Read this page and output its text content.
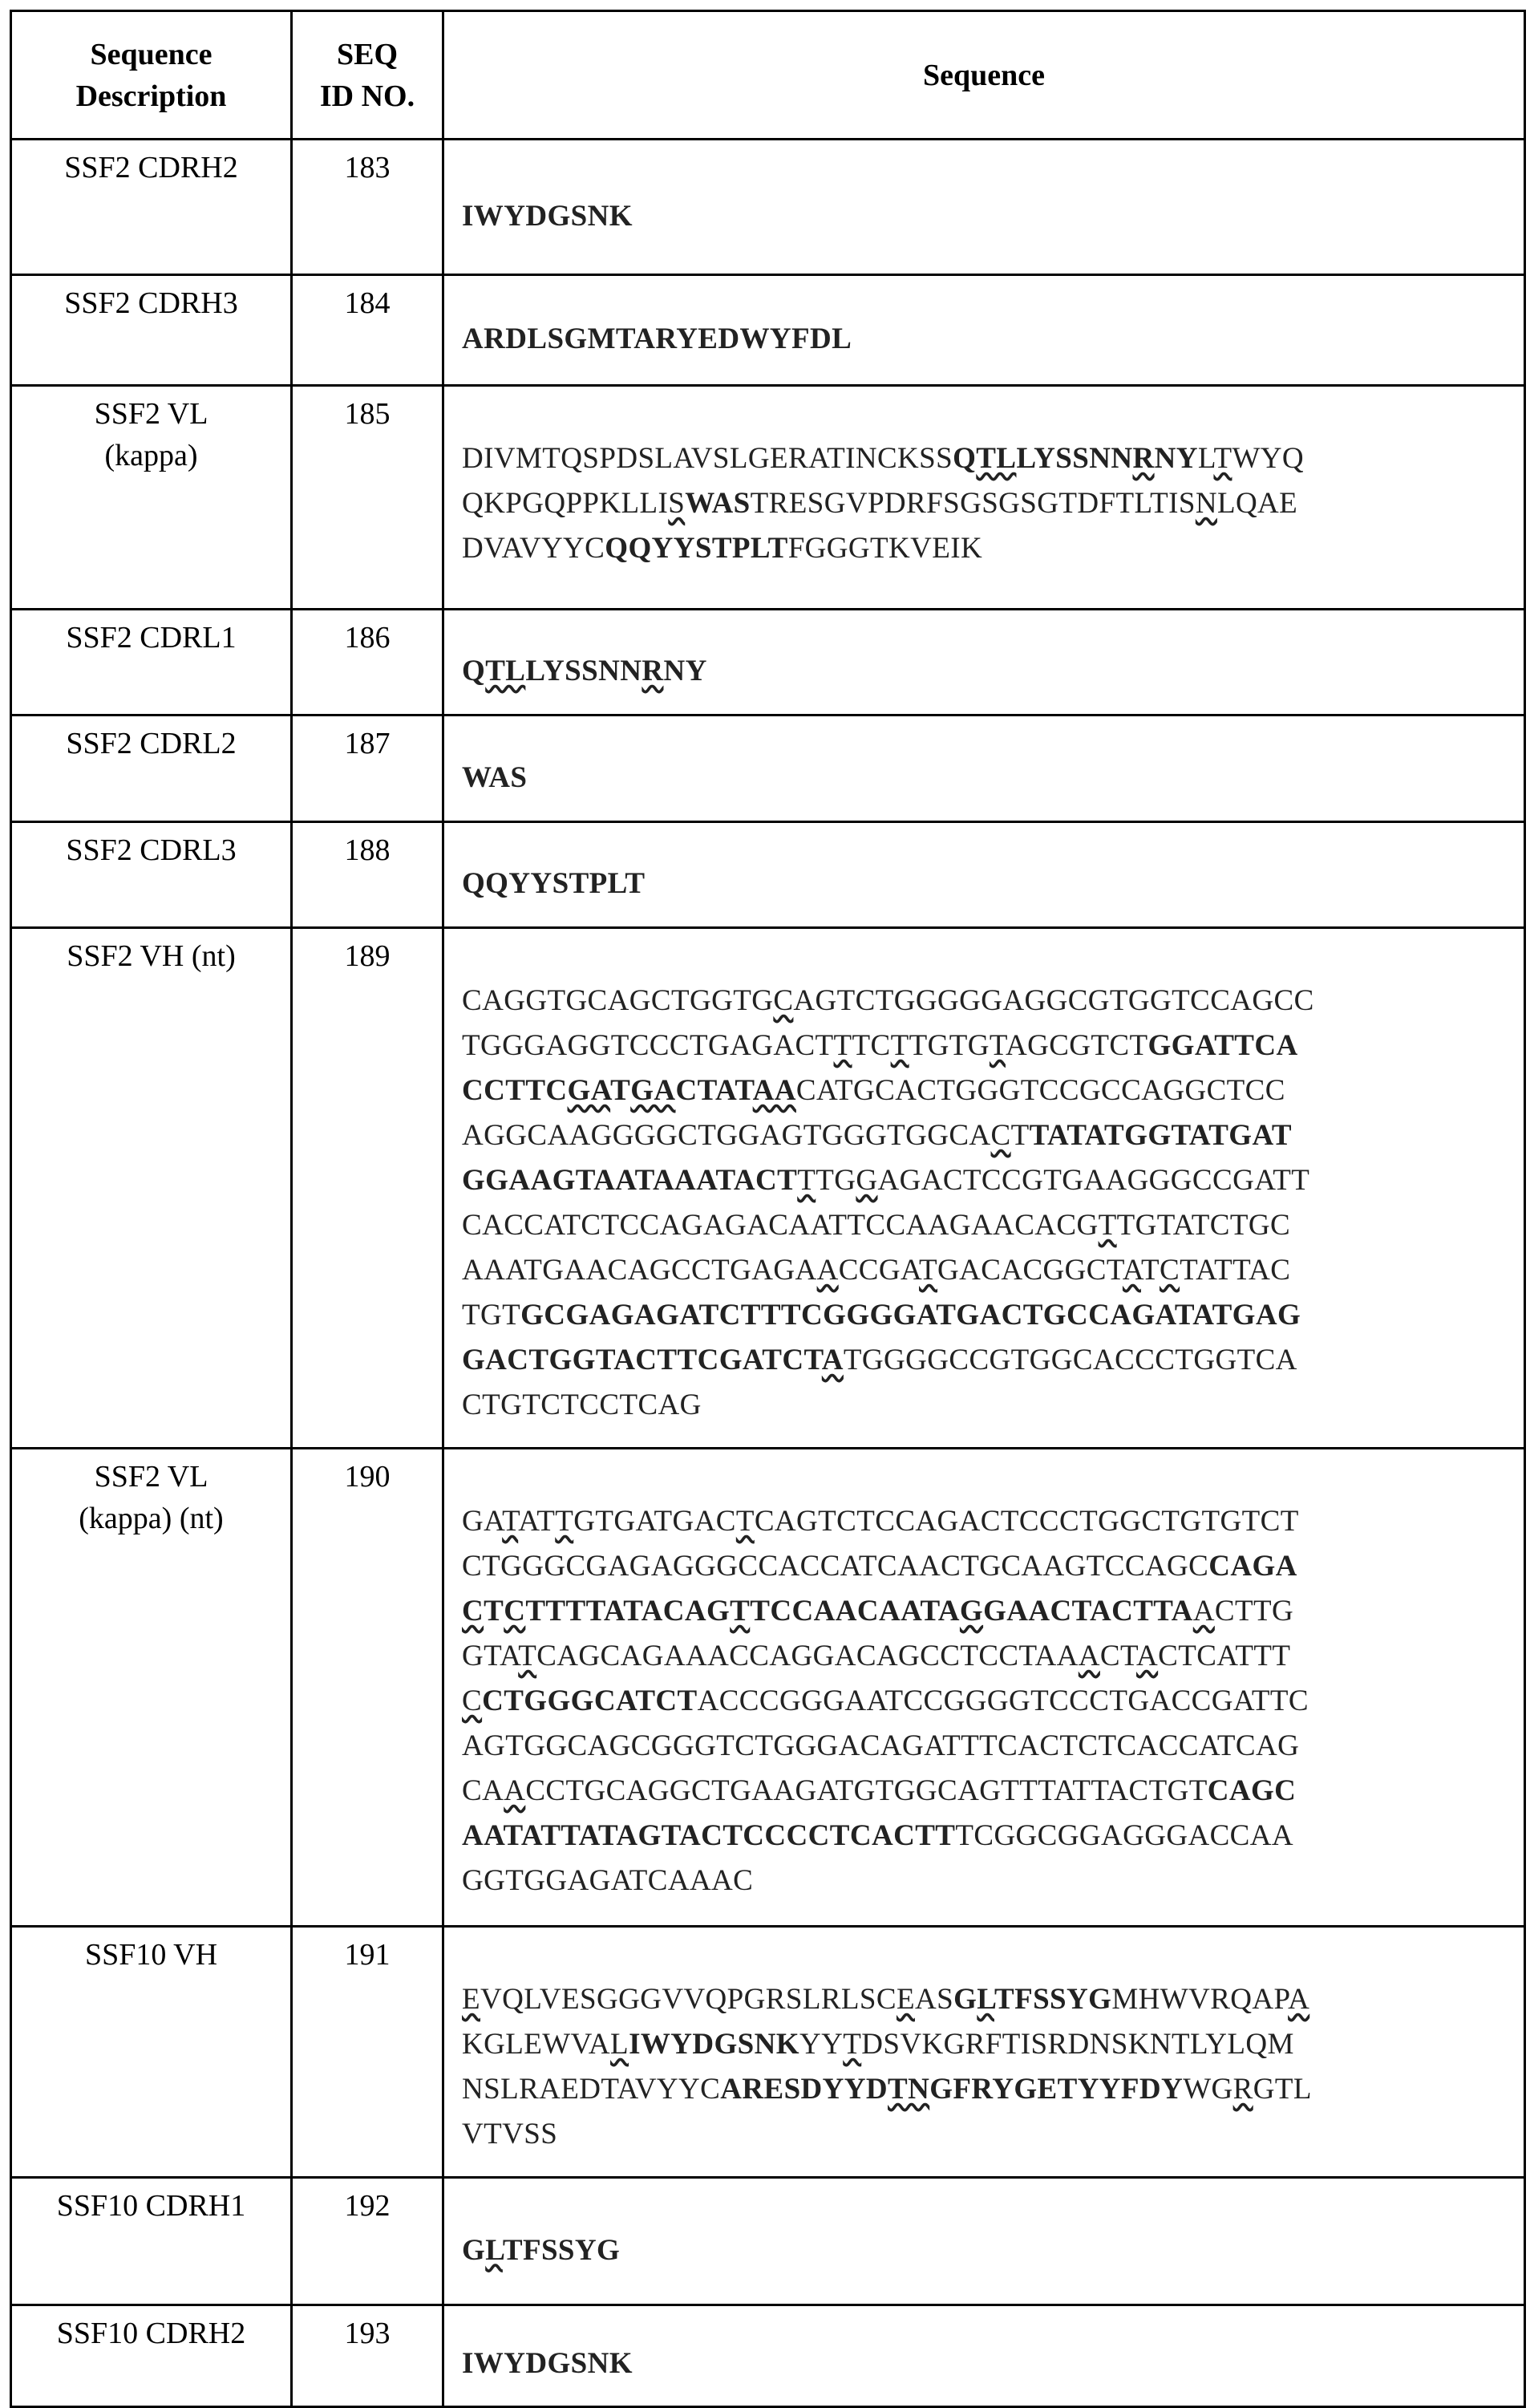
Sequence Description	SEQ ID NO.	Sequence
SSF2 CDRH2	183	IWYDGSNK

SSF2 CDRH3	184	ARDLSGMTARYEDWYFDL

SSF2 VL (kappa)	185	DIVMTQSPDSLAVSLGERATINCKSSQTLLYSSNNRNYLTWYQ
QKPGQPPKLLISWASTRESGVPDRFSGSGSGTDFTLTISNLQAE
DVAVYYCQQYYSTPLTFGGGTKVEIK

SSF2 CDRL1	186	QTLLYSSNNRNY

SSF2 CDRL2	187	WAS

SSF2 CDRL3	188	QQYYSTPLT

SSF2 VH (nt)	189	
CAGGTGCAGCTGGTGCAGTCTGGGGGAGGCGTGGTCCAGCC
TGGGAGGTCCCTGAGACTTTCTTGTGTAGCGTCTGGATTCA
CCTTCGATGACTATAACATGCACTGGGTCCGCCAGGCTCC
AGGCAAGGGGCTGGAGTGGGTGGCACTTATATGGTATGAT
GGAAGTAATAAATACTTTGGAGACTCCGTGAAGGGCCGATT
CACCATCTCCAGAGACAATTCCAAGAACACGTTGTATCTGC
AAATGAACAGCCTGAGAACCGATGACACGGCTATCTATTAC
TGTGCGAGAGATCTTTCGGGGATGACTGCCAGATATGAG
GACTGGTACTTCGATCTATGGGGCCGTGGCACCCTGGTCA
CTGTCTCCTCAG

SSF2 VL (kappa) (nt)	190	
GATATTGTGATGACTCAGTCTCCAGACTCCCTGGCTGTGTCT
CTGGGCGAGAGGGCCACCATCAACTGCAAGTCCAGCCAGA
CTCTTTTATACAGTTCCAACAATAGGAACTACTTAACTTG
GTATCAGCAGAAACCAGGACAGCCTCCTAAACTACTCATTT
CCTGGGCATCTACCCGGGAATCCGGGGTCCCTGACCGATTC
AGTGGCAGCGGGTCTGGGACAGATTTCACTCTCACCATCAG
CAACCTGCAGGCTGAAGATGTGGCAGTTTATTACTGTCAGC
AATATTATAGTACTCCCCTCACTTTCGGCGGAGGGACCAA
GGTGGAGATCAAAC

SSF10 VH	191	EVQLVESGGGVVQPGRSLRLSCEASGLTFSSYGMHWVRQAPA
KGLEWVALIWYDGSNKYYTDSVKGRFTISRDNSKNTLYLQM
NSLRAEDTAVYYCARESDYYDTNGFRYGETYYFDYWGRGTL
VTVSS

SSF10 CDRH1	192	GLTFSSYG

SSF10 CDRH2	193	IWYDGSNK
